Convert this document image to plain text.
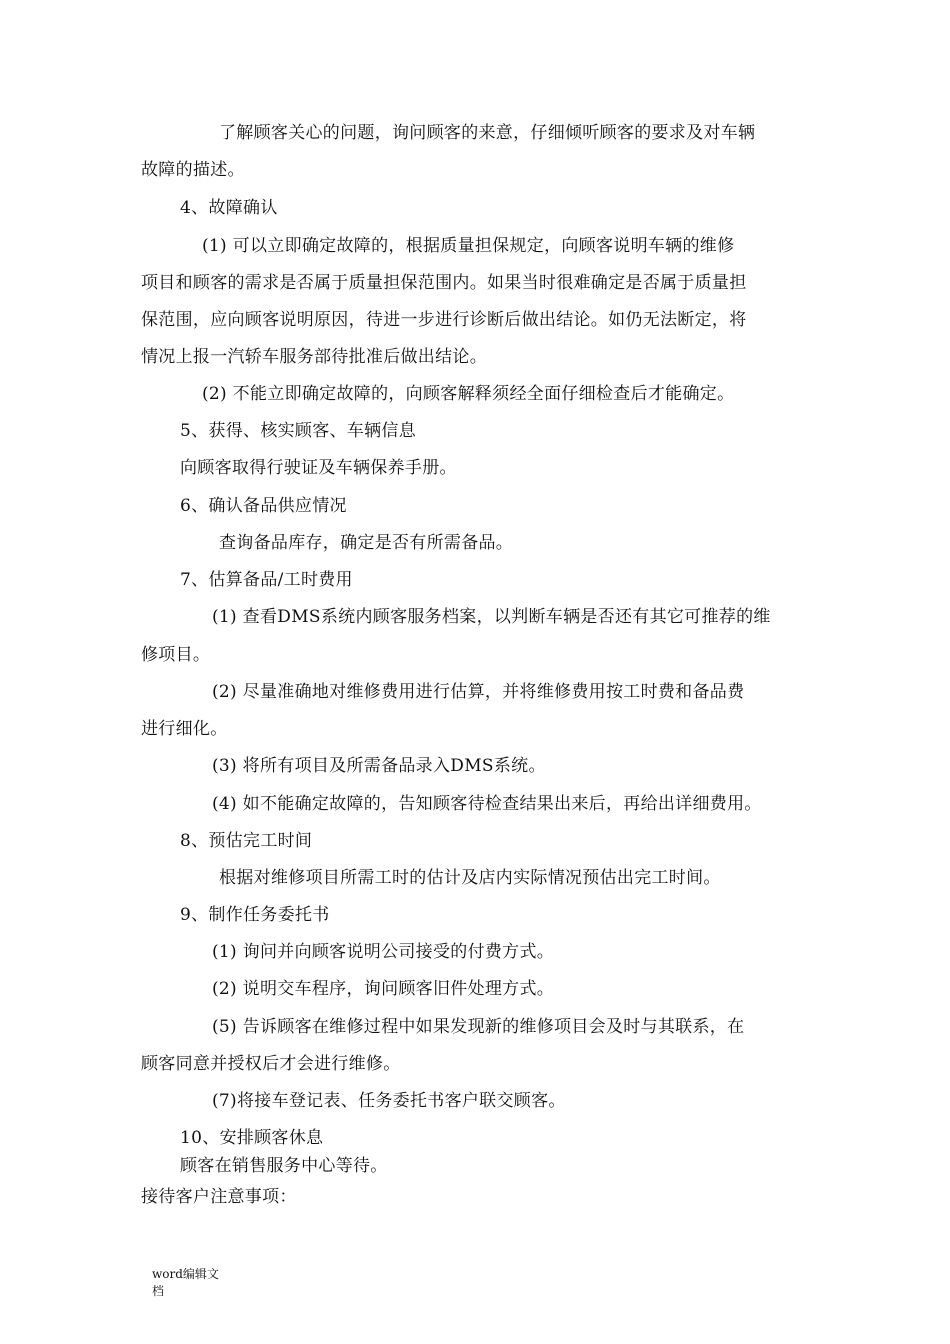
了解顾客关心的问题，询问顾客的来意，仔细倾听顾客的要求及对车辆
故障的描述。
4、故障确认
(1) 可以立即确定故障的，根据质量担保规定，向顾客说明车辆的维修
项目和顾客的需求是否属于质量担保范围内。如果当时很难确定是否属于质量担
保范围，应向顾客说明原因，待进一步进行诊断后做出结论。如仍无法断定，将
情况上报一汽轿车服务部待批准后做出结论。
(2) 不能立即确定故障的，向顾客解释须经全面仔细检查后才能确定。
5、获得、核实顾客、车辆信息
向顾客取得行驶证及车辆保养手册。
6、确认备品供应情况
查询备品库存，确定是否有所需备品。
7、估算备品/工时费用
(1) 查看DMS系统内顾客服务档案，以判断车辆是否还有其它可推荐的维
修项目。
(2) 尽量准确地对维修费用进行估算，并将维修费用按工时费和备品费
进行细化。
(3) 将所有项目及所需备品录入DMS系统。
(4) 如不能确定故障的，告知顾客待检查结果出来后，再给出详细费用。
8、预估完工时间
根据对维修项目所需工时的估计及店内实际情况预估出完工时间。
9、制作任务委托书
(1) 询问并向顾客说明公司接受的付费方式。
(2) 说明交车程序，询问顾客旧件处理方式。
(5) 告诉顾客在维修过程中如果发现新的维修项目会及时与其联系，在
顾客同意并授权后才会进行维修。
(7)将接车登记表、任务委托书客户联交顾客。
10、安排顾客休息
顾客在销售服务中心等待。
接待客户注意事项：
word编辑文
档
